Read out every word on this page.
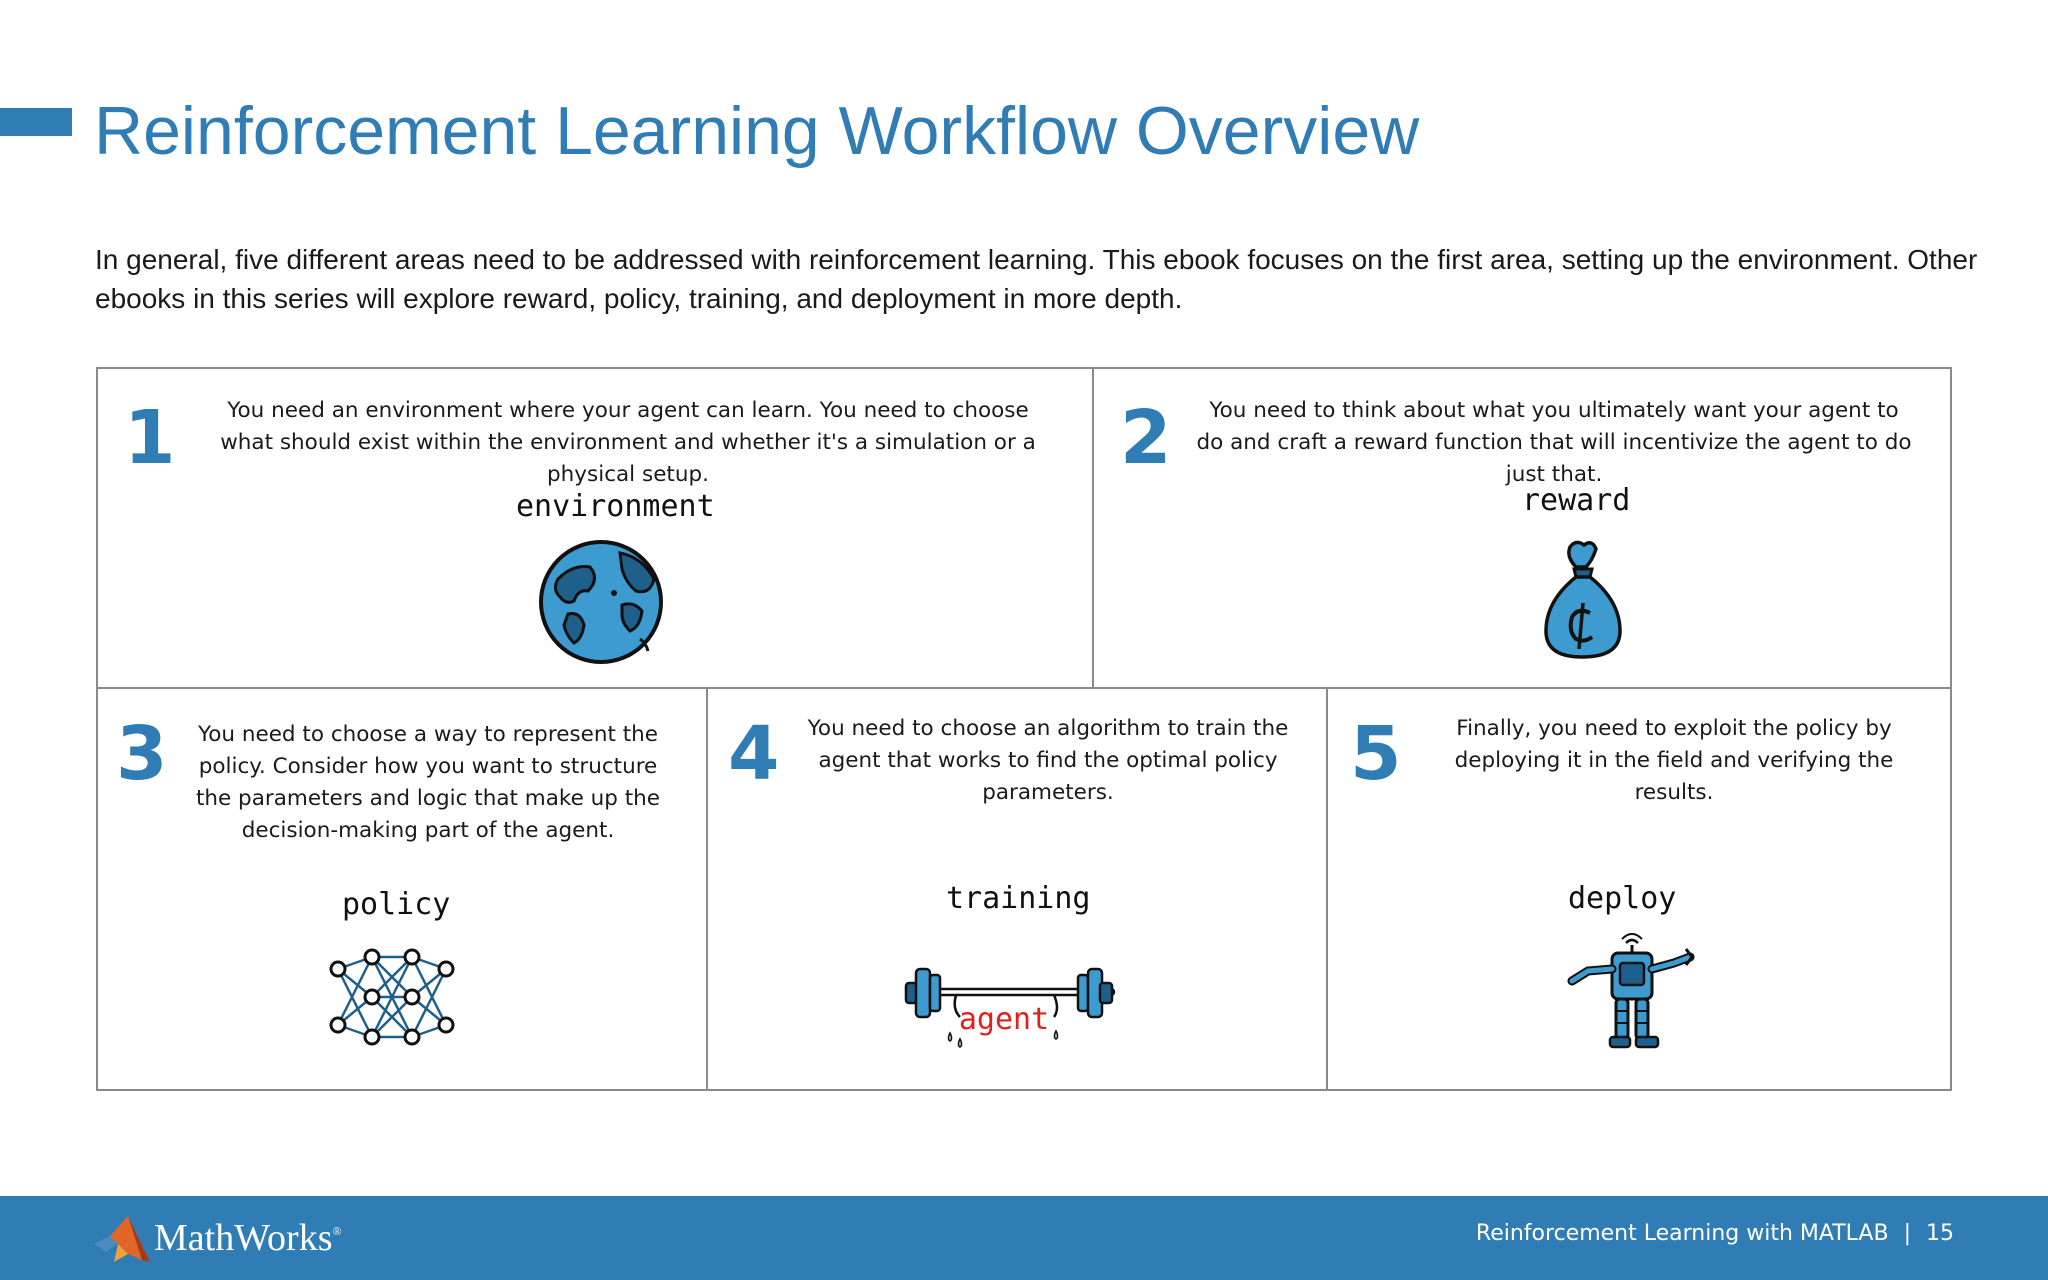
Reinforcement Learning Workflow Overview

In general, five different areas need to be addressed with reinforcement learning. This ebook focuses on the first area, setting up the environment. Other ebooks in this series will explore reward, policy, training, and deployment in more depth.

1	You need an environment where your agent can learn. You need to choose what should exist within the environment and whether it's a simulation or a physical setup.
environment
2	You need to think about what you ultimately want your agent to do and craft a reward function that will incentivize the agent to do just that.
reward
3	You need to choose a way to represent the policy. Consider how you want to structure the parameters and logic that make up the decision-making part of the agent.
policy
4	You need to choose an algorithm to train the agent that works to find the optimal policy parameters.
training
agent
5	Finally, you need to exploit the policy by deploying it in the field and verifying the results.
deploy
MathWorks®	Reinforcement Learning with MATLAB | 15
